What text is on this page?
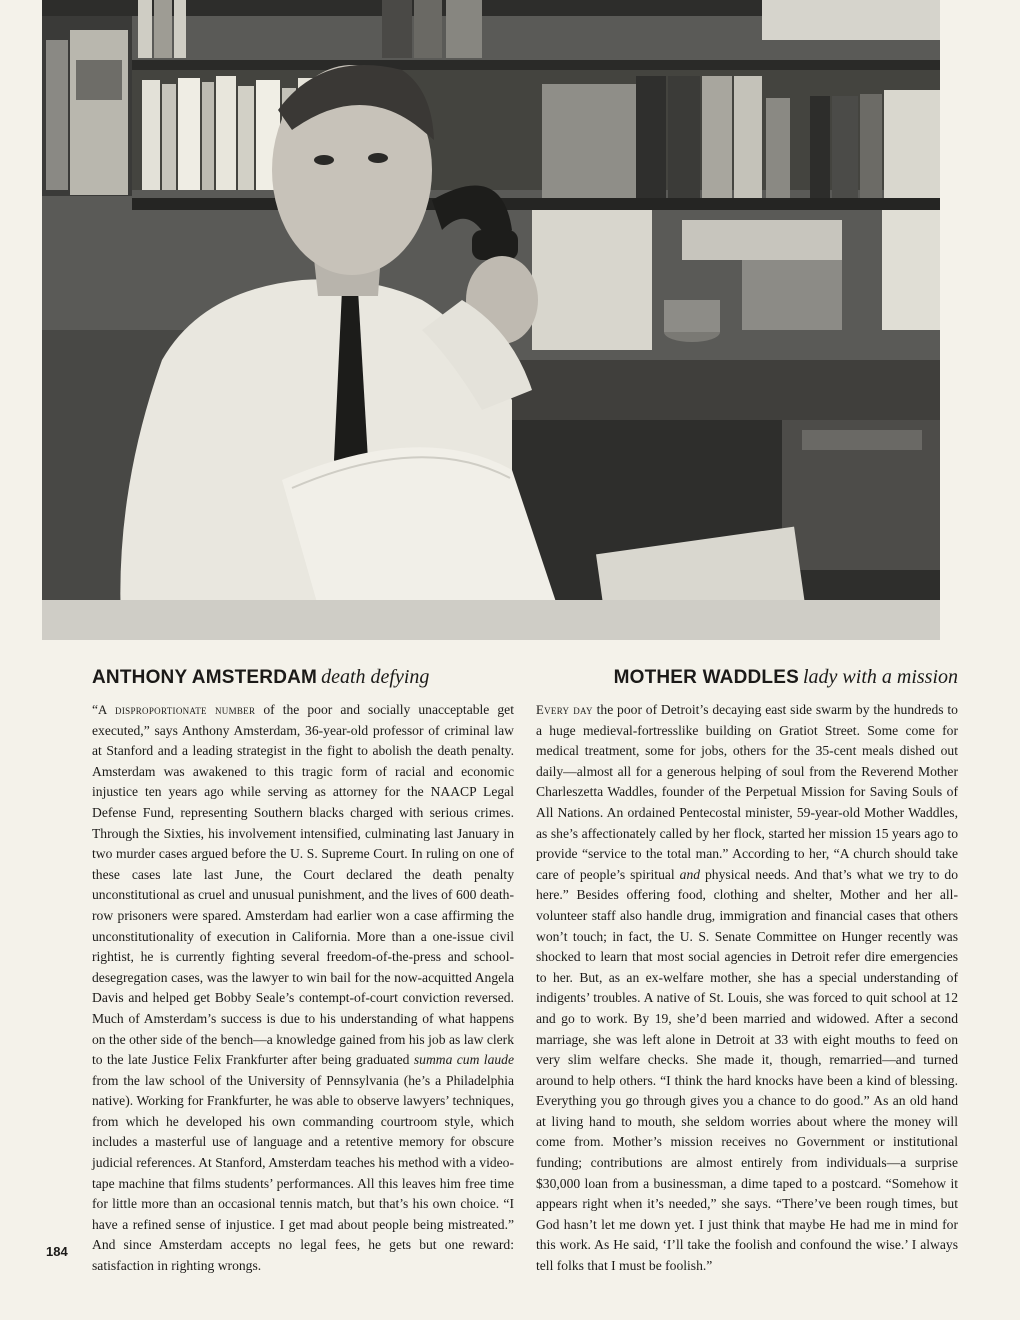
ANTHONY AMSTERDAM death defying

“A disproportionate number of the poor and socially unacceptable get executed,” says Anthony Amsterdam, 36-year-old professor of criminal law at Stanford and a leading strategist in the fight to abolish the death penalty. Amsterdam was awakened to this tragic form of racial and economic injustice ten years ago while serving as attorney for the NAACP Legal Defense Fund, representing Southern blacks charged with serious crimes. Through the Sixties, his involvement intensified, culminating last January in two murder cases argued before the U. S. Supreme Court. In ruling on one of these cases late last June, the Court declared the death penalty unconstitutional as cruel and unusual punishment, and the lives of 600 death-row prisoners were spared. Amsterdam had earlier won a case affirming the unconstitutionality of execution in California. More than a one-issue civil rightist, he is currently fighting several freedom-of-the-press and school-desegregation cases, was the lawyer to win bail for the now-acquitted Angela Davis and helped get Bobby Seale’s contempt-of-court conviction reversed. Much of Amsterdam’s success is due to his understanding of what happens on the other side of the bench—a knowledge gained from his job as law clerk to the late Justice Felix Frankfurter after being graduated summa cum laude from the law school of the University of Pennsylvania (he’s a Philadelphia native). Working for Frankfurter, he was able to observe lawyers’ techniques, from which he developed his own commanding courtroom style, which includes a masterful use of language and a retentive memory for obscure judicial references. At Stanford, Amsterdam teaches his method with a video-tape machine that films students’ performances. All this leaves him free time for little more than an occasional tennis match, but that’s his own choice. “I have a refined sense of injustice. I get mad about people being mistreated.” And since Amsterdam accepts no legal fees, he gets but one reward: satisfaction in righting wrongs.

MOTHER WADDLES lady with a mission

Every day the poor of Detroit’s decaying east side swarm by the hundreds to a huge medieval-fortresslike building on Gratiot Street. Some come for medical treatment, some for jobs, others for the 35-cent meals dished out daily—almost all for a generous helping of soul from the Reverend Mother Charleszetta Waddles, founder of the Perpetual Mission for Saving Souls of All Nations. An ordained Pentecostal minister, 59-year-old Mother Waddles, as she’s affectionately called by her flock, started her mission 15 years ago to provide “service to the total man.” According to her, “A church should take care of people’s spiritual and physical needs. And that’s what we try to do here.” Besides offering food, clothing and shelter, Mother and her all-volunteer staff also handle drug, immigration and financial cases that others won’t touch; in fact, the U. S. Senate Committee on Hunger recently was shocked to learn that most social agencies in Detroit refer dire emergencies to her. But, as an ex-welfare mother, she has a special understanding of indigents’ troubles. A native of St. Louis, she was forced to quit school at 12 and go to work. By 19, she’d been married and widowed. After a second marriage, she was left alone in Detroit at 33 with eight mouths to feed on very slim welfare checks. She made it, though, remarried—and turned around to help others. “I think the hard knocks have been a kind of blessing. Everything you go through gives you a chance to do good.” As an old hand at living hand to mouth, she seldom worries about where the money will come from. Mother’s mission receives no Government or institutional funding; contributions are almost entirely from individuals—a surprise $30,000 loan from a businessman, a dime taped to a postcard. “Somehow it appears right when it’s needed,” she says. “There’ve been rough times, but God hasn’t let me down yet. I just think that maybe He had me in mind for this work. As He said, ‘I’ll take the foolish and confound the wise.’ I always tell folks that I must be foolish.”

184
